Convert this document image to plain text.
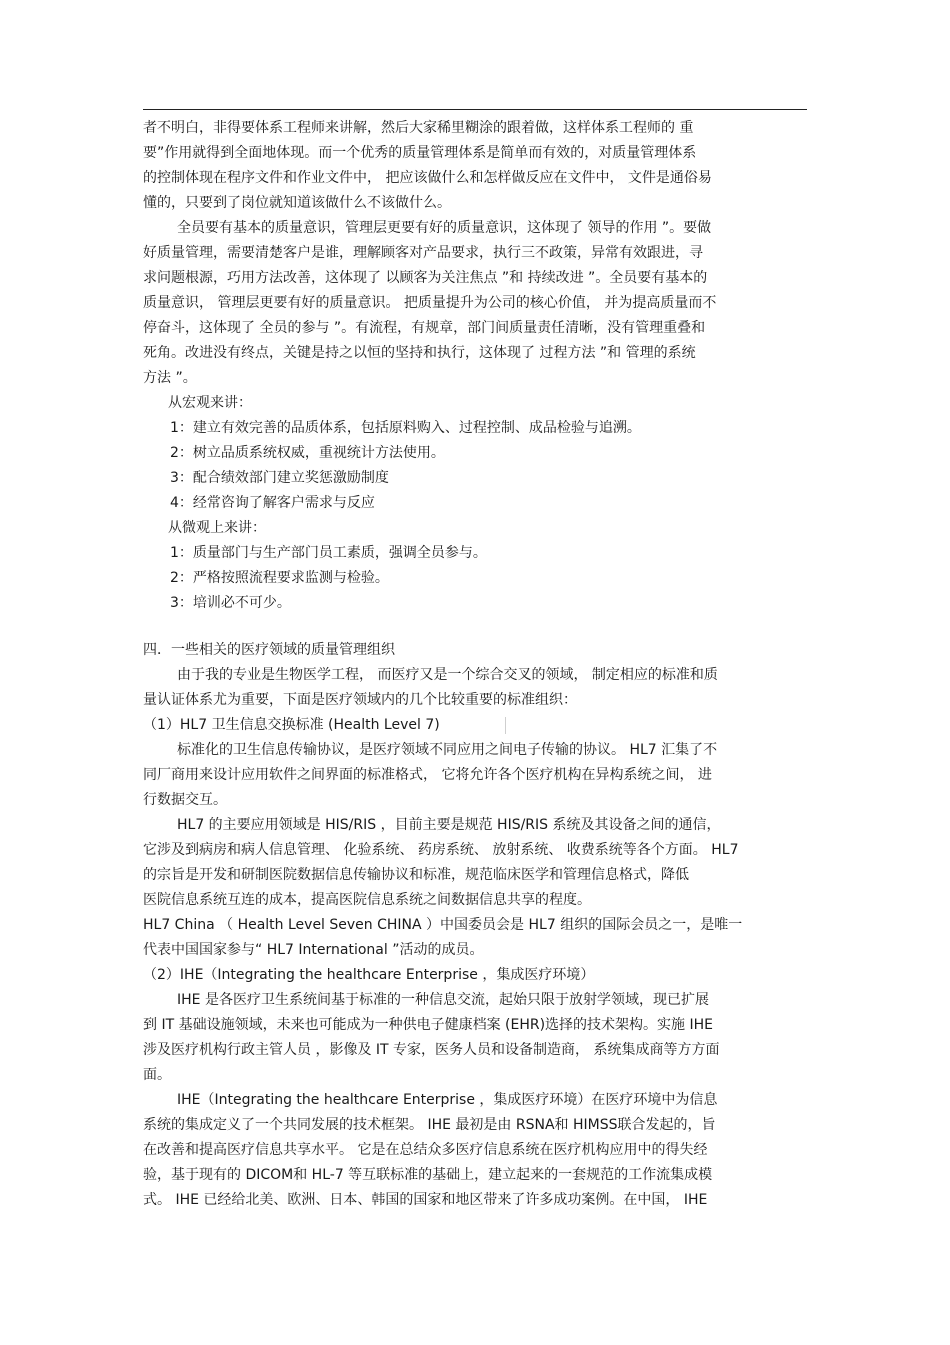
者不明白，非得要体系工程师来讲解，然后大家稀里糊涂的跟着做，这样体系工程师的 重
要”作用就得到全面地体现。而一个优秀的质量管理体系是简单而有效的，对质量管理体系
的控制体现在程序文件和作业文件中， 把应该做什么和怎样做反应在文件中， 文件是通俗易
懂的，只要到了岗位就知道该做什么不该做什么。
全员要有基本的质量意识，管理层更要有好的质量意识，这体现了 领导的作用 ”。要做
好质量管理，需要清楚客户是谁，理解顾客对产品要求，执行三不政策，异常有效跟进，寻
求问题根源，巧用方法改善，这体现了 以顾客为关注焦点 ”和 持续改进 ”。全员要有基本的
质量意识， 管理层更要有好的质量意识。 把质量提升为公司的核心价值， 并为提高质量而不
停奋斗，这体现了 全员的参与 ”。有流程，有规章，部门间质量责任清晰，没有管理重叠和
死角。改进没有终点，关键是持之以恒的坚持和执行，这体现了 过程方法 ”和 管理的系统
方法 ”。
从宏观来讲：
1：建立有效完善的品质体系，包括原料购入、过程控制、成品检验与追溯。
2：树立品质系统权威，重视统计方法使用。
3：配合绩效部门建立奖惩激励制度
4：经常咨询了解客户需求与反应
从微观上来讲：
1：质量部门与生产部门员工素质，强调全员参与。
2：严格按照流程要求监测与检验。
3：培训必不可少。
四．一些相关的医疗领域的质量管理组织
由于我的专业是生物医学工程， 而医疗又是一个综合交叉的领域， 制定相应的标准和质
量认证体系尤为重要，下面是医疗领域内的几个比较重要的标准组织：
（1）HL7 卫生信息交换标准 (Health Level 7)
标准化的卫生信息传输协议，是医疗领域不同应用之间电子传输的协议。 HL7 汇集了不
同厂商用来设计应用软件之间界面的标准格式， 它将允许各个医疗机构在异构系统之间， 进
行数据交互。
HL7 的主要应用领域是 HIS/RIS ，目前主要是规范 HIS/RIS 系统及其设备之间的通信，
它涉及到病房和病人信息管理、 化验系统、 药房系统、 放射系统、 收费系统等各个方面。 HL7
的宗旨是开发和研制医院数据信息传输协议和标准，规范临床医学和管理信息格式，降低
医院信息系统互连的成本，提高医院信息系统之间数据信息共享的程度。
HL7 China （ Health Level Seven CHINA ）中国委员会是 HL7 组织的国际会员之一，是唯一
代表中国国家参与“ HL7 International ”活动的成员。
（2）IHE（Integrating the healthcare Enterprise ，集成医疗环境）
IHE 是各医疗卫生系统间基于标准的一种信息交流，起始只限于放射学领域，现已扩展
到 IT 基础设施领域，未来也可能成为一种供电子健康档案 (EHR)选择的技术架构。实施 IHE
涉及医疗机构行政主管人员 ，影像及 IT 专家，医务人员和设备制造商， 系统集成商等方方面
面。
IHE（Integrating the healthcare Enterprise ，集成医疗环境）在医疗环境中为信息
系统的集成定义了一个共同发展的技术框架。 IHE 最初是由 RSNA和 HIMSS联合发起的，旨
在改善和提高医疗信息共享水平。 它是在总结众多医疗信息系统在医疗机构应用中的得失经
验，基于现有的 DICOM和 HL-7 等互联标准的基础上，建立起来的一套规范的工作流集成模
式。 IHE 已经给北美、欧洲、日本、韩国的国家和地区带来了许多成功案例。在中国， IHE
